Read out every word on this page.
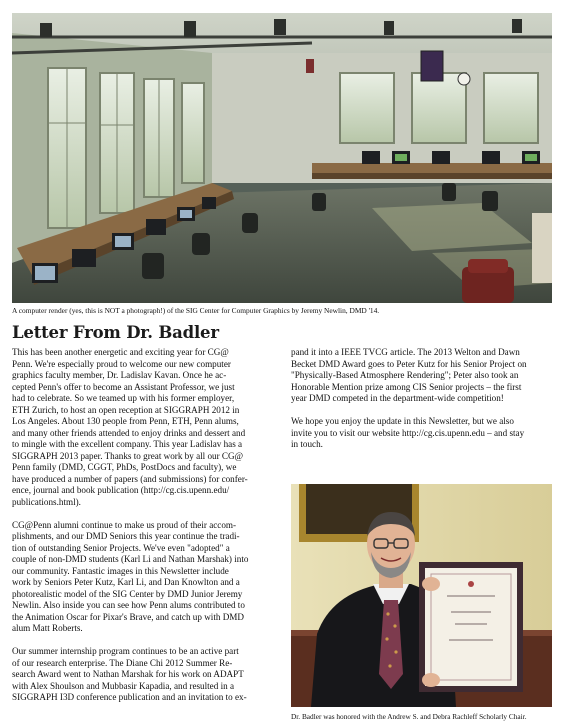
A computer render (yes, this is NOT a photograph!) of the SIG Center for Computer Graphics by Jeremy Newlin, DMD '14.
Letter From Dr. Badler

This has been another energetic and exciting year for CG@
Penn. We're especially proud to welcome our new computer
graphics faculty member, Dr. Ladislav Kavan. Once he ac-
cepted Penn's offer to become an Assistant Professor, we just
had to celebrate. So we teamed up with his former employer,
ETH Zurich, to host an open reception at SIGGRAPH 2012 in
Los Angeles. About 130 people from Penn, ETH, Penn alums,
and many other friends attended to enjoy drinks and dessert and
to mingle with the excellent company. This year Ladislav has a
SIGGRAPH 2013 paper. Thanks to great work by all our CG@
Penn family (DMD, CGGT, PhDs, PostDocs and faculty), we
have produced a number of papers (and submissions) for confer-
ence, journal and book publication (http://cg.cis.upenn.edu/
publications.html).

CG@Penn alumni continue to make us proud of their accom-
plishments, and our DMD Seniors this year continue the tradi-
tion of outstanding Senior Projects. We've even "adopted" a
couple of non-DMD students (Karl Li and Nathan Marshak) into
our community. Fantastic images in this Newsletter include
work by Seniors Peter Kutz, Karl Li, and Dan Knowlton and a
photorealistic model of the SIG Center by DMD Junior Jeremy
Newlin. Also inside you can see how Penn alums contributed to
the Animation Oscar for Pixar's Brave, and catch up with DMD
alum Matt Roberts.

Our summer internship program continues to be an active part
of our research enterprise. The Diane Chi 2012 Summer Re-
search Award went to Nathan Marshak for his work on ADAPT
with Alex Shoulson and Mubbasir Kapadia, and resulted in a
SIGGRAPH I3D conference publication and an invitation to ex-

pand it into a IEEE TVCG article. The 2013 Welton and Dawn
Becket DMD Award goes to Peter Kutz for his Senior Project on
"Physically-Based Atmosphere Rendering"; Peter also took an
Honorable Mention prize among CIS Senior projects – the first
year DMD competed in the department-wide competition!

We hope you enjoy the update in this Newsletter, but we also
invite you to visit our website http://cg.cis.upenn.edu – and stay
in touch.

Dr. Badler was honored with the Andrew S. and Debra Rachleff Scholarly Chair.
